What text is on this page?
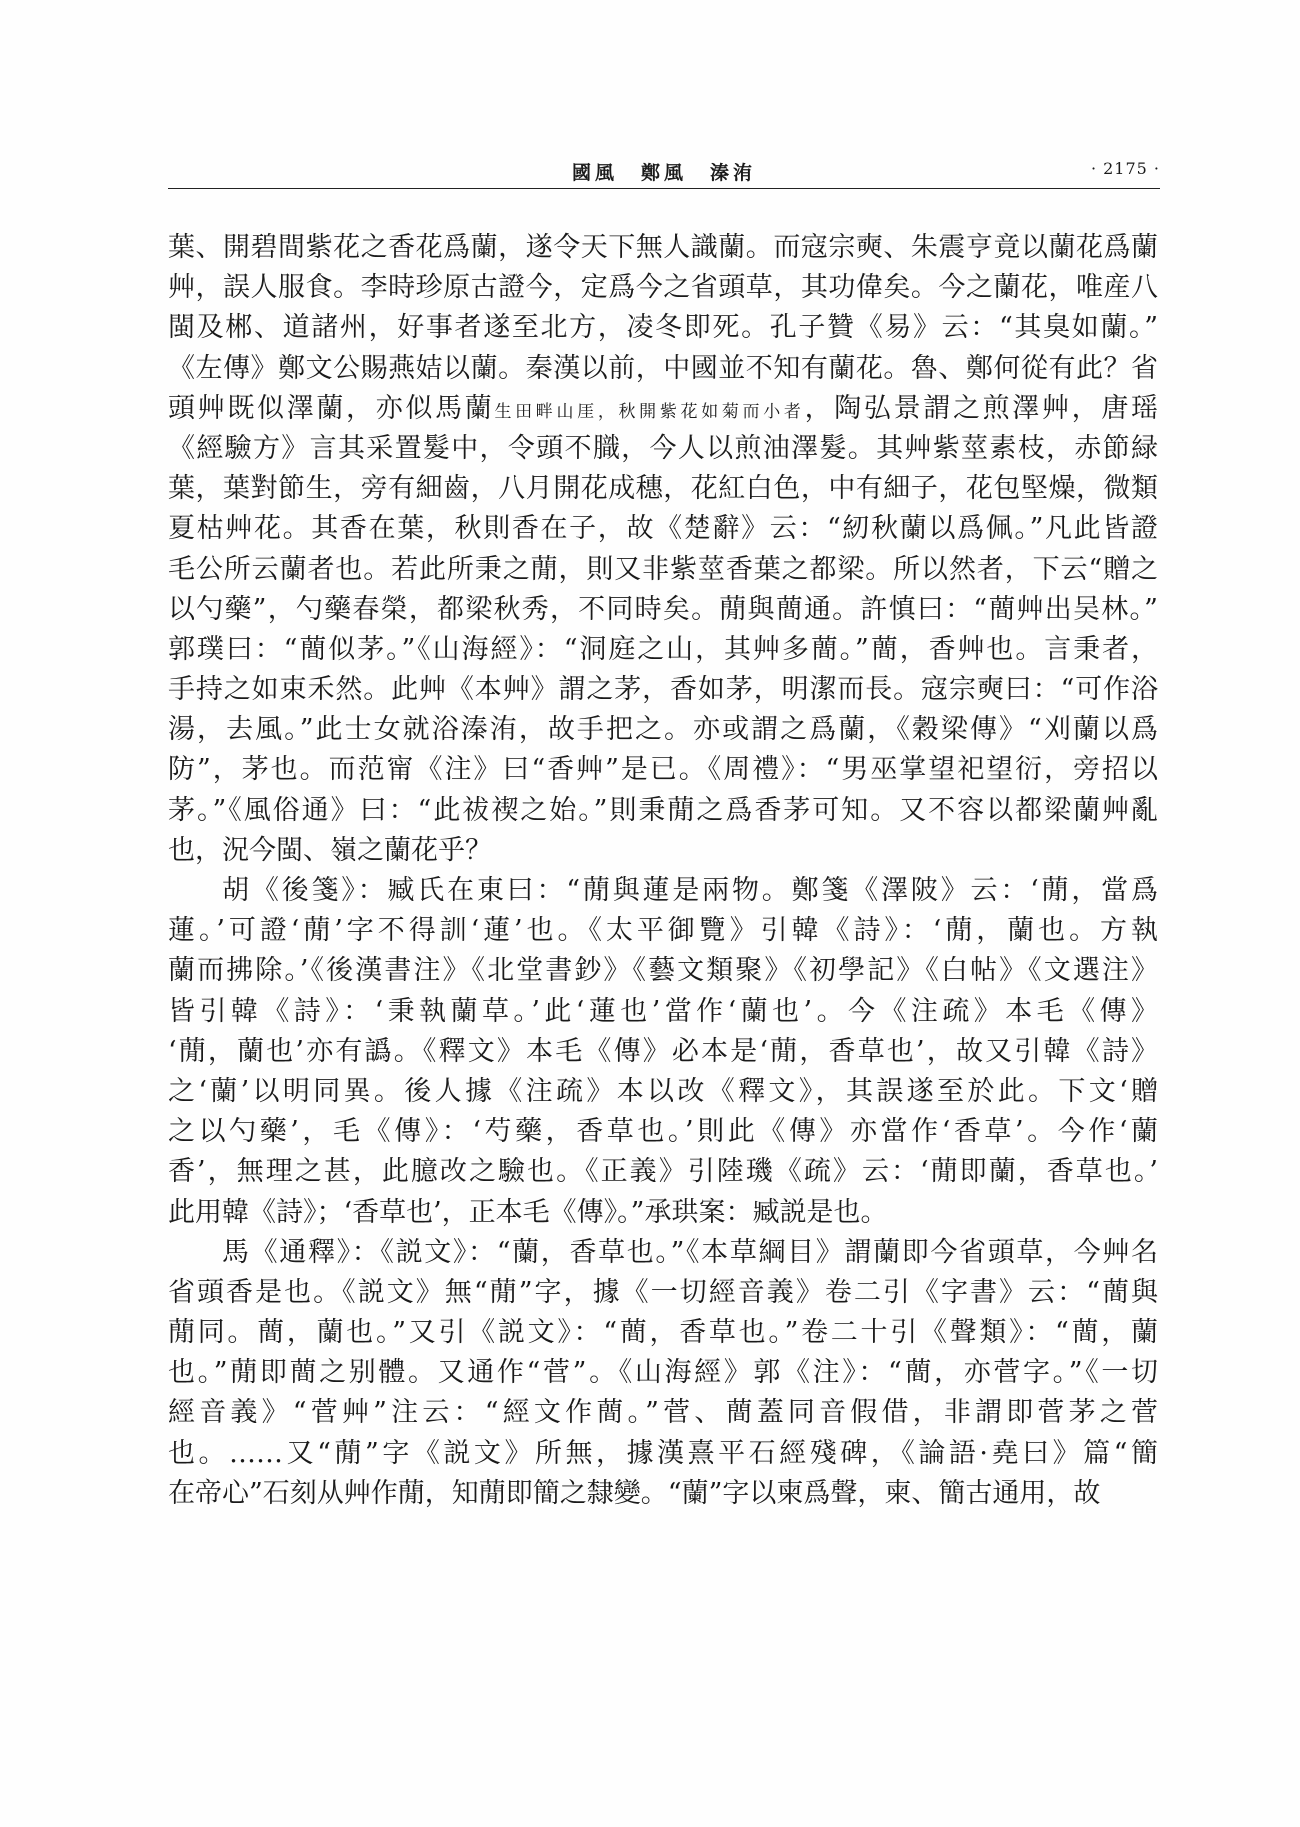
國風　鄭風　溱洧	· 2175 ·
葉、開碧間紫花之香花爲蘭，遂令天下無人識蘭。而寇宗奭、朱震亨竟以蘭花爲蘭
艸，誤人服食。李時珍原古證今，定爲今之省頭草，其功偉矣。今之蘭花，唯産八
閩及郴、道諸州，好事者遂至北方，凌冬即死。孔子贊《易》云：“其臭如蘭。”
《左傳》鄭文公賜燕姞以蘭。秦漢以前，中國並不知有蘭花。魯、鄭何從有此？省
頭艸既似澤蘭，亦似馬蘭生田畔山厓，秋開紫花如菊而小者，陶弘景謂之煎澤艸，唐瑶
《經驗方》言其采置髮中，令頭不膱，今人以煎油澤髮。其艸紫莖素枝，赤節緑
葉，葉對節生，旁有細齒，八月開花成穗，花紅白色，中有細子，花包堅燥，微類
夏枯艸花。其香在葉，秋則香在子，故《楚辭》云：“紉秋蘭以爲佩。”凡此皆證
毛公所云蘭者也。若此所秉之蕑，則又非紫莖香葉之都梁。所以然者，下云“贈之
以勺藥”，勺藥春榮，都梁秋秀，不同時矣。蕑與蕳通。許慎曰：“蕳艸出吴林。”
郭璞曰：“蕳似茅。”《山海經》：“洞庭之山，其艸多蕳。”蕳，香艸也。言秉者，
手持之如束禾然。此艸《本艸》謂之茅，香如茅，明潔而長。寇宗奭曰：“可作浴
湯，去風。”此士女就浴溱洧，故手把之。亦或謂之爲蘭，《穀梁傳》“刈蘭以爲
防”，茅也。而范甯《注》曰“香艸”是已。《周禮》：“男巫掌望祀望衍，旁招以
茅。”《風俗通》曰：“此祓禊之始。”則秉蕑之爲香茅可知。又不容以都梁蘭艸亂
也，況今閩、嶺之蘭花乎？
胡《後箋》：臧氏在東曰：“蕑與蓮是兩物。鄭箋《澤陂》云：‘蕑，當爲
蓮。’可證‘蕑’字不得訓‘蓮’也。《太平御覽》引韓《詩》：‘蕑，蘭也。方執
蘭而拂除。’《後漢書注》《北堂書鈔》《藝文類聚》《初學記》《白帖》《文選注》
皆引韓《詩》：‘秉執蘭草。’此‘蓮也’當作‘蘭也’。今《注疏》本毛《傳》
‘蕑，蘭也’亦有譌。《釋文》本毛《傳》必本是‘蕑，香草也’，故又引韓《詩》
之‘蘭’以明同異。後人據《注疏》本以改《釋文》，其誤遂至於此。下文‘贈
之以勺藥’，毛《傳》：‘芍藥，香草也。’則此《傳》亦當作‘香草’。今作‘蘭
香’，無理之甚，此臆改之驗也。《正義》引陸璣《疏》云：‘蕑即蘭，香草也。’
此用韓《詩》；‘香草也’，正本毛《傳》。”承珙案：臧説是也。
馬《通釋》：《説文》：“蘭，香草也。”《本草綱目》謂蘭即今省頭草，今艸名
省頭香是也。《説文》無“蕑”字，據《一切經音義》卷二引《字書》云：“蕳與
蕑同。蕳，蘭也。”又引《説文》：“蕳，香草也。”卷二十引《聲類》：“蕳，蘭
也。”蕑即蕳之别體。又通作“菅”。《山海經》郭《注》：“蕳，亦菅字。”《一切
經音義》“菅艸”注云：“經文作蕳。”菅、蕳蓋同音假借，非謂即菅茅之菅
也。……又“蕑”字《説文》所無，據漢熹平石經殘碑，《論語·堯曰》篇“簡
在帝心”石刻从艸作蕑，知蕑即簡之隸變。“蘭”字以柬爲聲，柬、簡古通用，故
